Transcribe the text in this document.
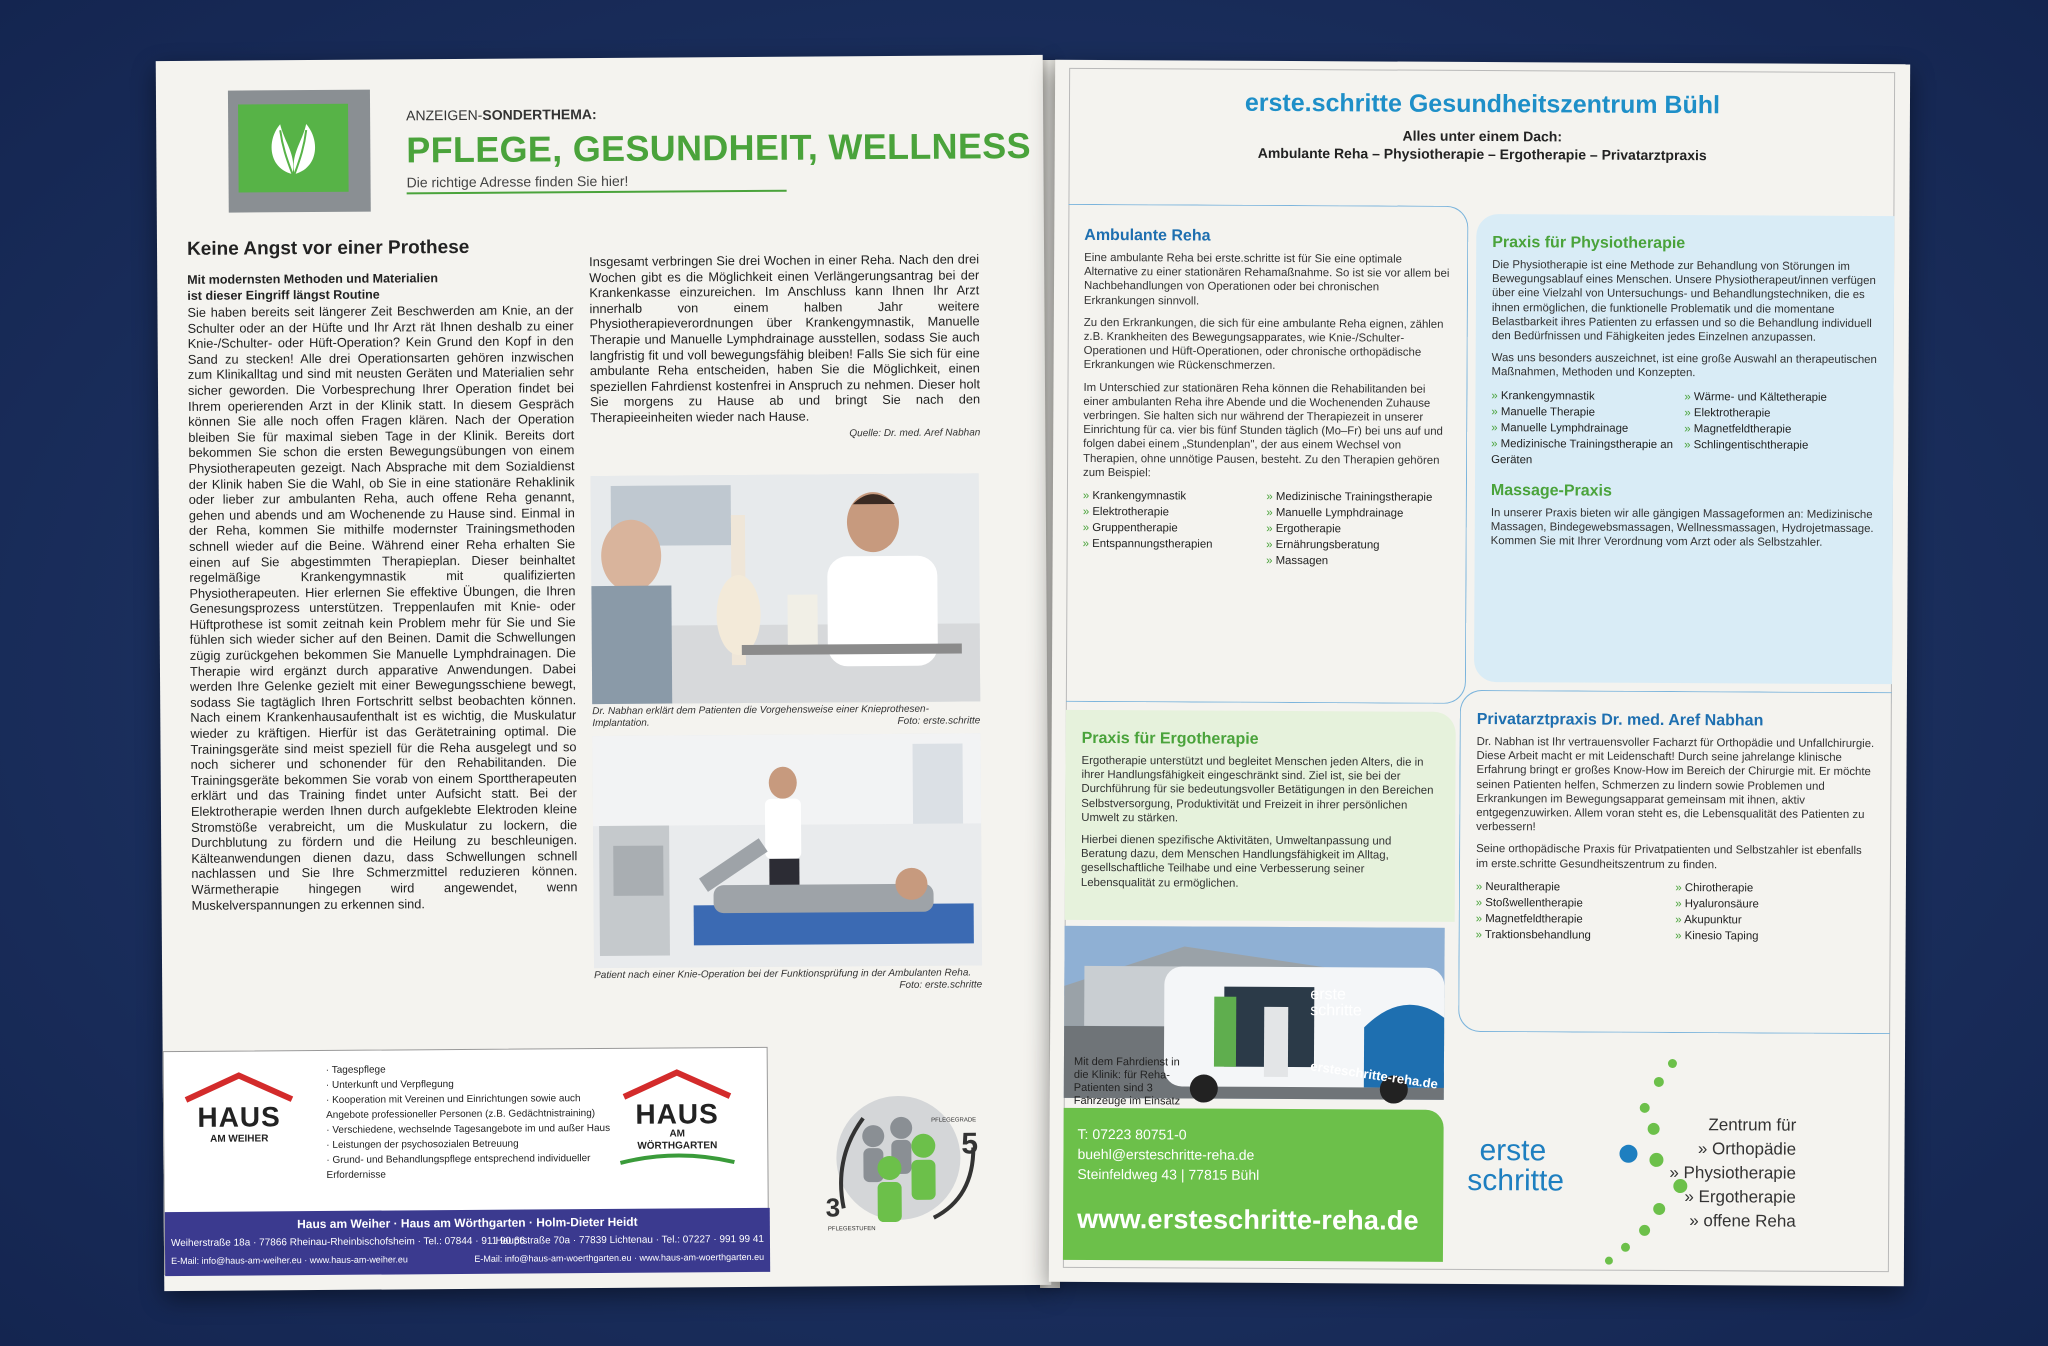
ANZEIGEN-SONDERTHEMA:
PFLEGE, GESUNDHEIT, WELLNESS
Die richtige Adresse finden Sie hier!
Keine Angst vor einer Prothese
Mit modernsten Methoden und Materialien
ist dieser Eingriff längst Routine
Sie haben bereits seit längerer Zeit Beschwerden am Knie, an der Schulter oder an der Hüfte und Ihr Arzt rät Ihnen deshalb zu einer Knie-/Schulter- oder Hüft-Operation? Kein Grund den Kopf in den Sand zu stecken! Alle drei Operationsarten gehören inzwischen zum Klinikalltag und sind mit neusten Geräten und Materialien sehr sicher geworden. Die Vorbesprechung Ihrer Operation findet bei Ihrem operierenden Arzt in der Klinik statt. In diesem Gespräch können Sie alle noch offen Fragen klären. Nach der Operation bleiben Sie für maximal sieben Tage in der Klinik. Bereits dort bekommen Sie schon die ersten Bewegungsübungen von einem Physiotherapeuten gezeigt. Nach Absprache mit dem Sozialdienst der Klinik haben Sie die Wahl, ob Sie in eine stationäre Rehaklinik oder lieber zur ambulanten Reha, auch offene Reha genannt, gehen und abends und am Wochenende zu Hause sind. Einmal in der Reha, kommen Sie mithilfe modernster Trainingsmethoden schnell wieder auf die Beine. Während einer Reha erhalten Sie einen auf Sie abgestimmten Therapieplan. Dieser beinhaltet regelmäßige Krankengymnastik mit qualifizierten Physiotherapeuten. Hier erlernen Sie effektive Übungen, die Ihren Genesungsprozess unterstützen. Treppenlaufen mit Knie- oder Hüftprothese ist somit zeitnah kein Problem mehr für Sie und Sie fühlen sich wieder sicher auf den Beinen. Damit die Schwellungen zügig zurückgehen bekommen Sie Manuelle Lymphdrainagen. Die Therapie wird ergänzt durch apparative Anwendungen. Dabei werden Ihre Gelenke gezielt mit einer Bewegungsschiene bewegt, sodass Sie tagtäglich Ihren Fortschritt selbst beobachten können. Nach einem Krankenhausaufenthalt ist es wichtig, die Muskulatur wieder zu kräftigen. Hierfür ist das Gerätetraining optimal. Die Trainingsgeräte sind meist speziell für die Reha ausgelegt und so noch sicherer und schonender für den Rehabilitanden. Die Trainingsgeräte bekommen Sie vorab von einem Sporttherapeuten erklärt und das Training findet unter Aufsicht statt. Bei der Elektrotherapie werden Ihnen durch aufgeklebte Elektroden kleine Stromstöße verabreicht, um die Muskulatur zu lockern, die Durchblutung zu fördern und die Heilung zu beschleunigen. Kälteanwendungen dienen dazu, dass Schwellungen schnell nachlassen und Sie Ihre Schmerzmittel reduzieren können. Wärmetherapie hingegen wird angewendet, wenn Muskelverspannungen zu erkennen sind.
Insgesamt verbringen Sie drei Wochen in einer Reha. Nach den drei Wochen gibt es die Möglichkeit einen Verlängerungsantrag bei der Krankenkasse einzureichen. Im Anschluss kann Ihnen Ihr Arzt innerhalb von einem halben Jahr weitere Physiotherapieverordnungen über Krankengymnastik, Manuelle Therapie und Manuelle Lymphdrainage ausstellen, sodass Sie auch langfristig fit und voll bewegungsfähig bleiben! Falls Sie sich für eine ambulante Reha entscheiden, haben Sie die Möglichkeit, einen speziellen Fahrdienst kostenfrei in Anspruch zu nehmen. Dieser holt Sie morgens zu Hause ab und bringt Sie nach den Therapieeinheiten wieder nach Hause.
Quelle: Dr. med. Aref Nabhan
Dr. Nabhan erklärt dem Patienten die Vorgehensweise einer Knieprothesen-Implantation.	Foto: erste.schritte
Patient nach einer Knie-Operation bei der Funktionsprüfung in der Ambulanten Reha.
Foto: erste.schritte
HAUS
AM WEIHER
· Tagespflege
· Unterkunft und Verpflegung
· Kooperation mit Vereinen und Einrichtungen sowie auch Angebote professioneller Personen (z.B. Gedächtnistraining)
· Verschiedene, wechselnde Tagesangebote im und außer Haus
· Leistungen der psychosozialen Betreuung
· Grund- und Behandlungspflege entsprechend individueller Erfordernisse
HAUS
AM
WÖRTHGARTEN
Haus am Weiher · Haus am Wörthgarten · Holm-Dieter Heidt
Weiherstraße 18a · 77866 Rheinau-Rheinbischofsheim · Tel.: 07844 · 911 90 66
Hauptstraße 70a · 77839 Lichtenau · Tel.: 07227 · 991 99 41
E-Mail: info@haus-am-weiher.eu · www.haus-am-weiher.eu	E-Mail: info@haus-am-woerthgarten.eu · www.haus-am-woerthgarten.eu
3
5
PFLEGESTUFEN
PFLEGEGRADE
erste.schritte Gesundheitszentrum Bühl
Alles unter einem Dach:
Ambulante Reha – Physiotherapie – Ergotherapie – Privatarztpraxis
Ambulante Reha

Eine ambulante Reha bei erste.schritte ist für Sie eine optimale Alternative zu einer stationären Rehamaßnahme. So ist sie vor allem bei Nachbehandlungen von Operationen oder bei chronischen Erkrankungen sinnvoll.

Zu den Erkrankungen, die sich für eine ambulante Reha eignen, zählen z.B. Krankheiten des Bewegungsapparates, wie Knie-/Schulter-Operationen und Hüft-Operationen, oder chronische orthopädische Erkrankungen wie Rückenschmerzen.

Im Unterschied zur stationären Reha können die Rehabilitanden bei einer ambulanten Reha ihre Abende und die Wochenenden Zuhause verbringen. Sie halten sich nur während der Therapiezeit in unserer Einrichtung für ca. vier bis fünf Stunden täglich (Mo–Fr) bei uns auf und folgen dabei einem „Stundenplan", der aus einem Wechsel von Therapien, ohne unnötige Pausen, besteht. Zu den Therapien gehören zum Beispiel:

» Krankengymnastik
» Elektrotherapie
» Gruppentherapie
» Entspannungstherapien
» Medizinische Trainingstherapie
» Manuelle Lymphdrainage
» Ergotherapie
» Ernährungsberatung
» Massagen
Praxis für Physiotherapie

Die Physiotherapie ist eine Methode zur Behandlung von Störungen im Bewegungsablauf eines Menschen. Unsere Physiotherapeut/innen verfügen über eine Vielzahl von Untersuchungs- und Behandlungstechniken, die es ihnen ermöglichen, die funktionelle Problematik und die momentane Belastbarkeit ihres Patienten zu erfassen und so die Behandlung individuell den Bedürfnissen und Fähigkeiten jedes Einzelnen anzupassen.

Was uns besonders auszeichnet, ist eine große Auswahl an therapeutischen Maßnahmen, Methoden und Konzepten.

» Krankengymnastik
» Manuelle Therapie
» Manuelle Lymphdrainage
» Medizinische Trainingstherapie an Geräten
» Wärme- und Kältetherapie
» Elektrotherapie
» Magnetfeldtherapie
» Schlingentischtherapie
Massage-Praxis

In unserer Praxis bieten wir alle gängigen Massageformen an: Medizinische Massagen, Bindegewebsmassagen, Wellnessmassagen, Hydrojetmassage. Kommen Sie mit Ihrer Verordnung vom Arzt oder als Selbstzahler.

Praxis für Ergotherapie

Ergotherapie unterstützt und begleitet Menschen jeden Alters, die in ihrer Handlungsfähigkeit eingeschränkt sind. Ziel ist, sie bei der Durchführung für sie bedeutungsvoller Betätigungen in den Bereichen Selbstversorgung, Produktivität und Freizeit in ihrer persönlichen Umwelt zu stärken.

Hierbei dienen spezifische Aktivitäten, Umweltanpassung und Beratung dazu, dem Menschen Handlungsfähigkeit im Alltag, gesellschaftliche Teilhabe und eine Verbesserung seiner Lebensqualität zu ermöglichen.

erste schritte
ersteschritte-reha.de
Mit dem Fahrdienst in die Klinik: für Reha-Patienten sind 3 Fahrzeuge im Einsatz
Privatarztpraxis Dr. med. Aref Nabhan

Dr. Nabhan ist Ihr vertrauensvoller Facharzt für Orthopädie und Unfallchirurgie. Diese Arbeit macht er mit Leidenschaft! Durch seine jahrelange klinische Erfahrung bringt er großes Know-How im Bereich der Chirurgie mit. Er möchte seinen Patienten helfen, Schmerzen zu lindern sowie Problemen und Erkrankungen im Bewegungsapparat gemeinsam mit ihnen, aktiv entgegenzuwirken. Allem voran steht es, die Lebensqualität des Patienten zu verbessern!

Seine orthopädische Praxis für Privatpatienten und Selbstzahler ist ebenfalls im erste.schritte Gesundheitszentrum zu finden.

» Neuraltherapie
» Stoßwellentherapie
» Magnetfeldtherapie
» Traktionsbehandlung
» Chirotherapie
» Hyaluronsäure
» Akupunktur
» Kinesio Taping
T: 07223 80751-0
buehl@ersteschritte-reha.de
Steinfeldweg 43 | 77815 Bühl
www.ersteschritte-reha.de
erste
schritte
Zentrum für
» Orthopädie
» Physiotherapie
» Ergotherapie
» offene Reha
